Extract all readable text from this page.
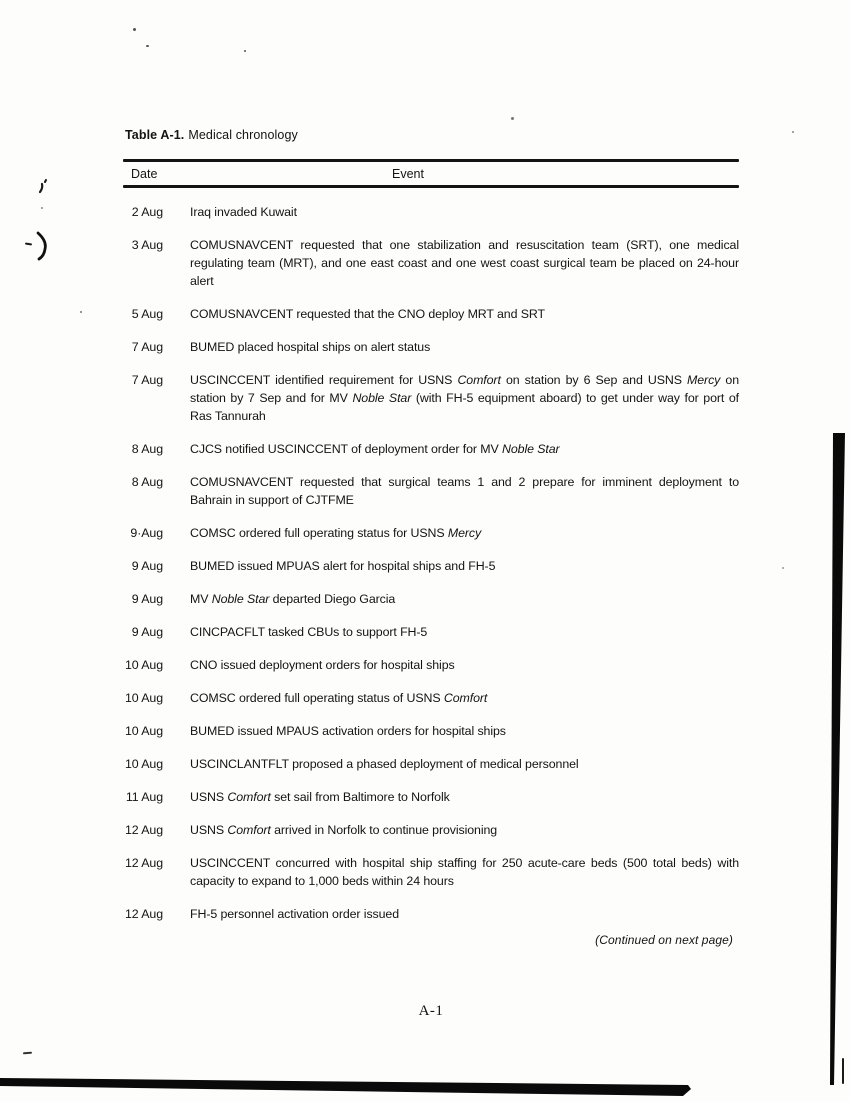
Table A-1. Medical chronology
Date	Event
2 Aug Iraq invaded Kuwait
3 Aug COMUSNAVCENT requested that one stabilization and resuscitation team (SRT), one medical regulating team (MRT), and one east coast and one west coast surgical team be placed on 24-hour alert
5 Aug COMUSNAVCENT requested that the CNO deploy MRT and SRT
7 Aug BUMED placed hospital ships on alert status
7 Aug USCINCCENT identified requirement for USNS Comfort on station by 6 Sep and USNS Mercy on station by 7 Sep and for MV Noble Star (with FH-5 equipment aboard) to get under way for port of Ras Tannurah
8 Aug CJCS notified USCINCCENT of deployment order for MV Noble Star
8 Aug COMUSNAVCENT requested that surgical teams 1 and 2 prepare for imminent deployment to Bahrain in support of CJTFME
9·Aug COMSC ordered full operating status for USNS Mercy
9 Aug BUMED issued MPUAS alert for hospital ships and FH-5
9 Aug MV Noble Star departed Diego Garcia
9 Aug CINCPACFLT tasked CBUs to support FH-5
10 Aug CNO issued deployment orders for hospital ships
10 Aug COMSC ordered full operating status of USNS Comfort
10 Aug BUMED issued MPAUS activation orders for hospital ships
10 Aug USCINCLANTFLT proposed a phased deployment of medical personnel
11 Aug USNS Comfort set sail from Baltimore to Norfolk
12 Aug USNS Comfort arrived in Norfolk to continue provisioning
12 Aug USCINCCENT concurred with hospital ship staffing for 250 acute-care beds (500 total beds) with capacity to expand to 1,000 beds within 24 hours
12 Aug FH-5 personnel activation order issued
(Continued on next page)
A-1
